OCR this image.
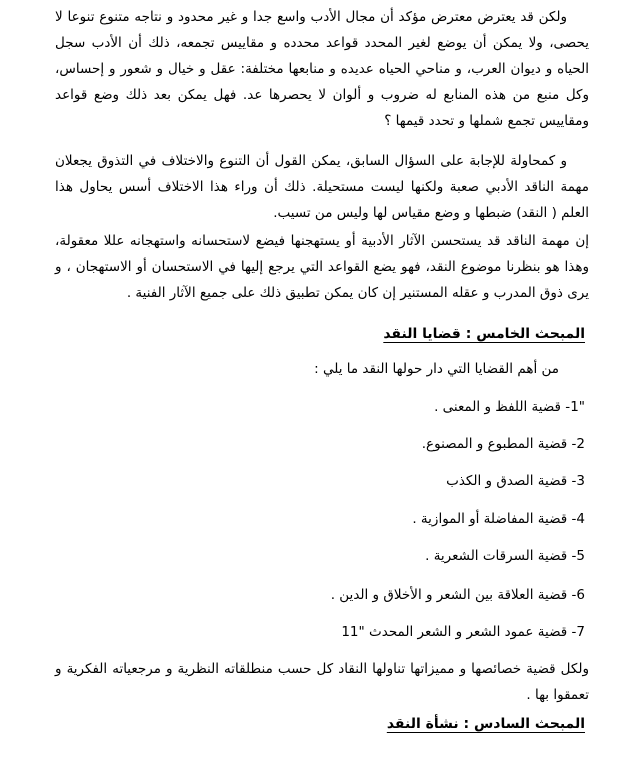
ولكن قد يعترض معترض مؤكد أن مجال الأدب واسع جدا و غير محدود و نتاجه متنوع تنوعا لا يحصى، ولا يمكن أن يوضع لغير المحدد قواعد محدده و مقاييس تجمعه، ذلك أن الأدب سجل الحياه و ديوان العرب، و مناحي الحياه عديده و منابعها مختلفة: عقل و خيال و شعور و إحساس، وكل منبع من هذه المنابع له ضروب و ألوان لا يحصرها عد. فهل يمكن بعد ذلك وضع قواعد ومقاييس تجمع شملها و تحدد قيمها ؟

و كمحاولة للإجابة على السؤال السابق، يمكن القول أن التنوع والاختلاف في التذوق يجعلان مهمة الناقد الأدبي صعبة ولكنها ليست مستحيلة. ذلك أن وراء هذا الاختلاف أسس يحاول هذا العلم ( النقد) ضبطها و وضع مقياس لها وليس من تسيب.

إن مهمة الناقد قد يستحسن الآثار الأدبية أو يستهجنها فيضع لاستحسانه واستهجانه عللا معقولة، وهذا هو بنظرنا موضوع النقد، فهو يضع القواعد التي يرجع إليها في الاستحسان أو الاستهجان ، و يرى ذوق المدرب و عقله المستنير إن كان يمكن تطبيق ذلك على جميع الآثار الفنية .

المبحث الخامس : قضايا النقد

من أهم القضايا التي دار حولها النقد ما يلي :

"1- قضية اللفظ و المعنى .

2- قضية المطبوع و المصنوع.

3- قضية الصدق و الكذب

4- قضية المفاضلة أو الموازية .

5- قضية السرقات الشعرية .

6- قضية العلاقة بين الشعر و الأخلاق و الدين .

7- قضية عمود الشعر و الشعر المحدث "11

ولكل قضية خصائصها و مميزاتها تناولها النقاد كل حسب منطلقاته النظرية و مرجعياته الفكرية و تعمقوا بها .

المبحث السادس : نشأة النقد
